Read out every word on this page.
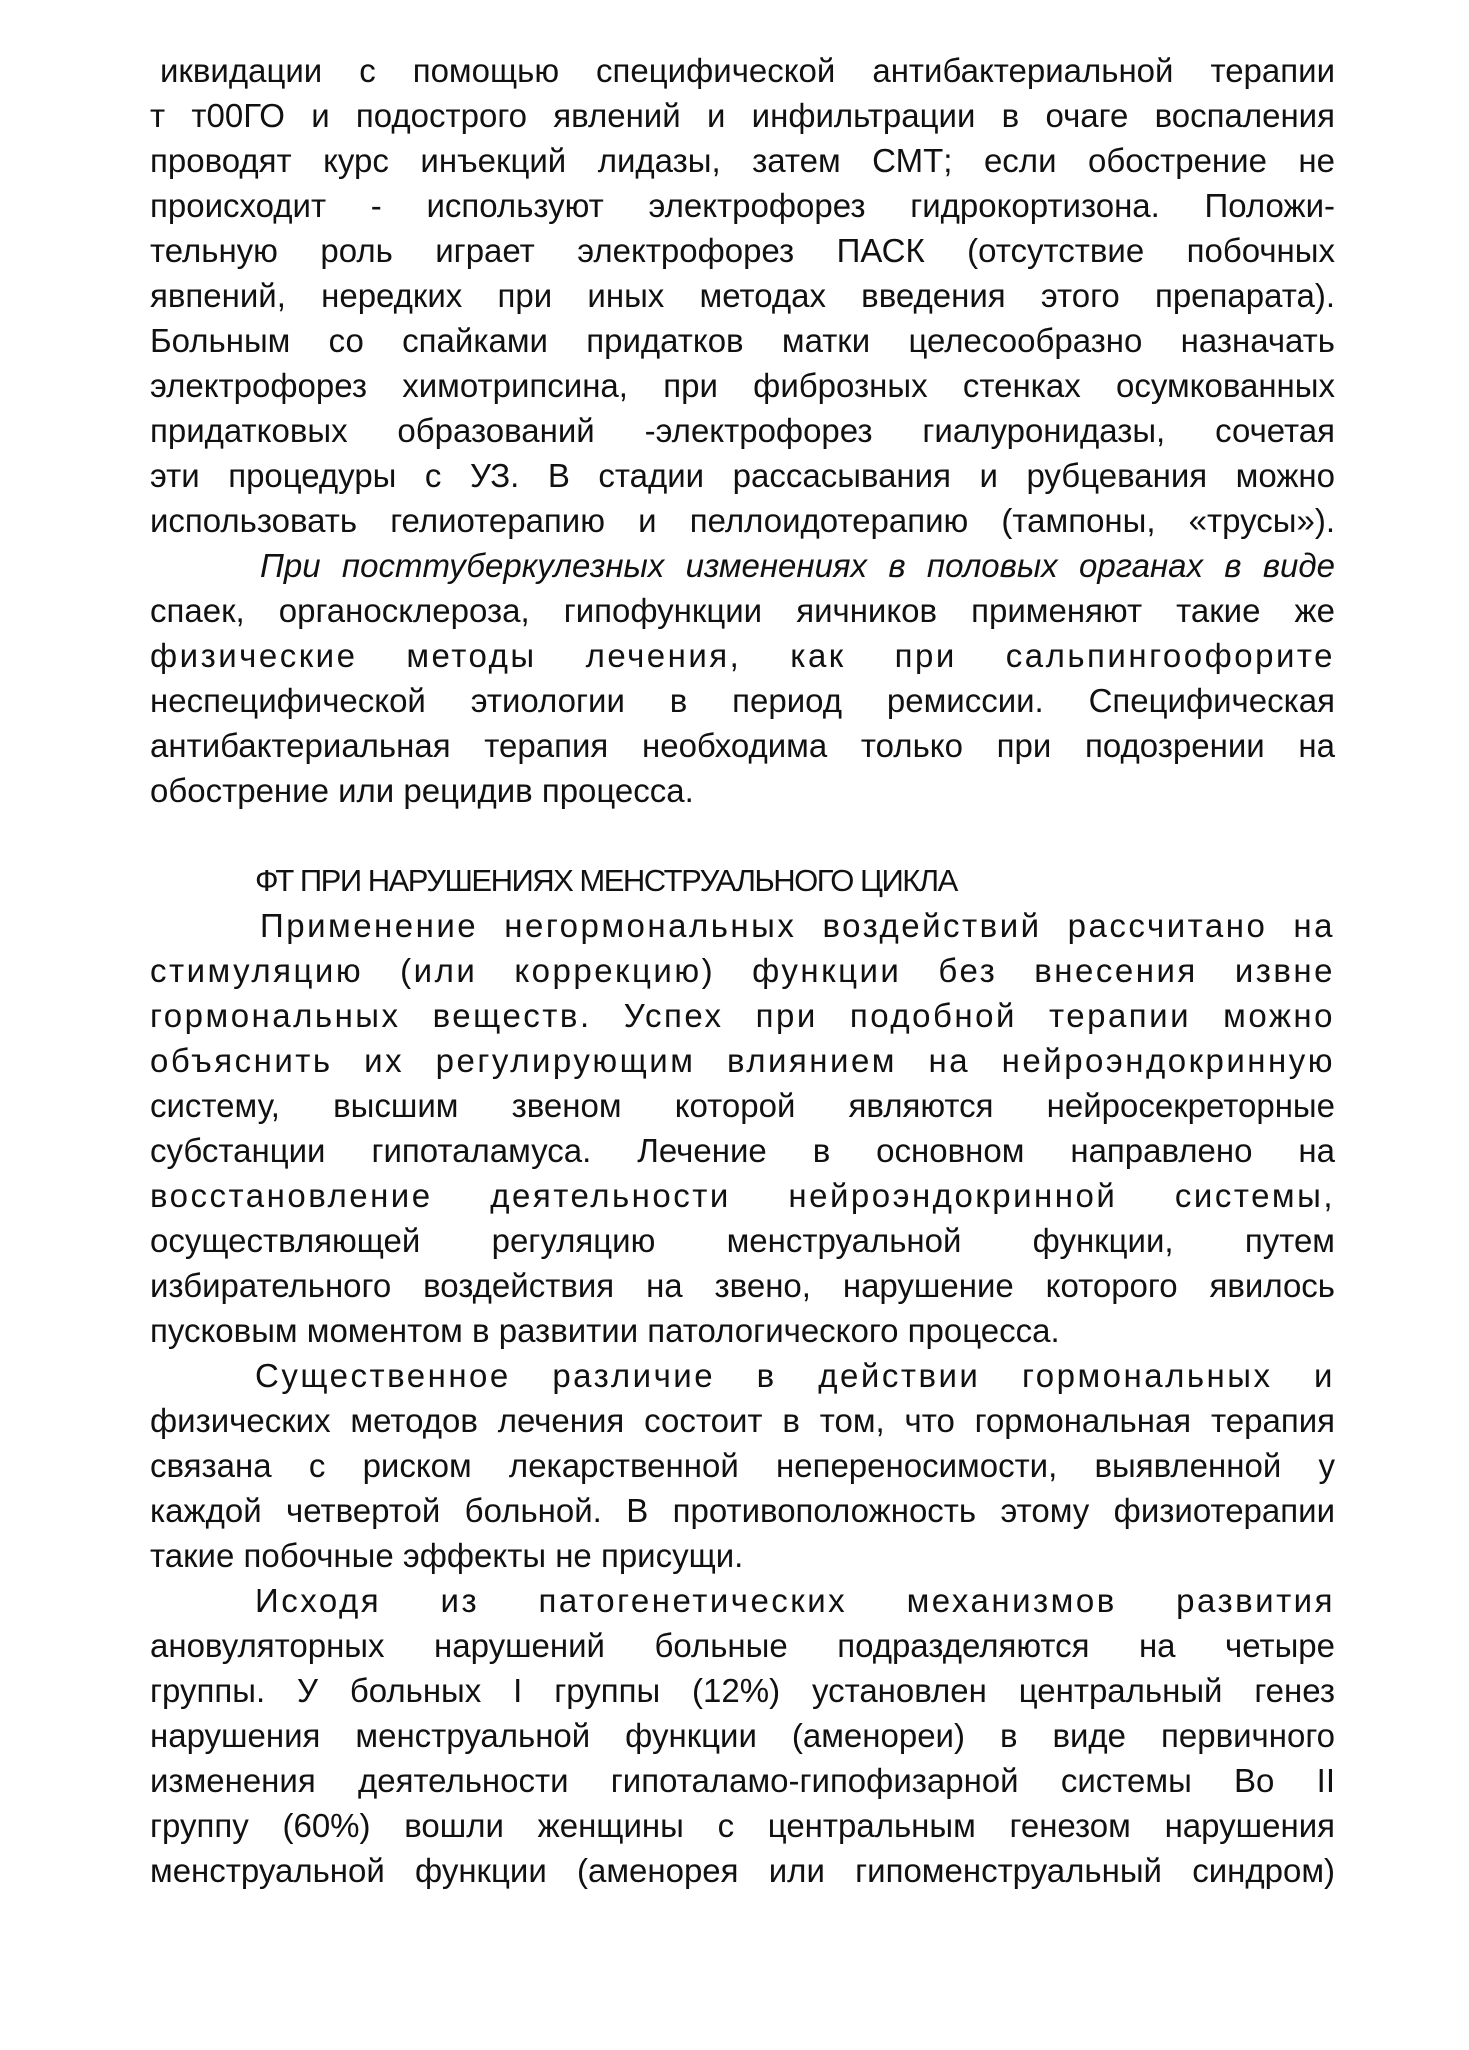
иквидации с помощью специфической антибактериальной терапии
т т00ГО и подострого явлений и инфильтрации в очаге воспаления
проводят курс инъекций лидазы, затем СМТ; если обострение не
происходит - используют электрофорез гидрокортизона. Положи-
тельную роль играет электрофорез ПАСК (отсутствие побочных
явпений, нередких при иных методах введения этого препарата).
Больным со спайками придатков матки целесообразно назначать
электрофорез химотрипсина, при фиброзных стенках осумкованных
придатковых образований -электрофорез гиалуронидазы, сочетая
эти процедуры с УЗ. В стадии рассасывания и рубцевания можно
использовать гелиотерапию и пеллоидотерапию (тампоны, «трусы»).
При посттуберкулезных изменениях в половых органах в виде
спаек, органосклероза, гипофункции яичников применяют такие же
физические методы лечения, как при сальпингоофорите
неспецифической этиологии в период ремиссии. Специфическая
антибактериальная терапия необходима только при подозрении на
обострение или рецидив процесса.
ФТ ПРИ НАРУШЕНИЯХ МЕНСТРУАЛЬНОГО ЦИКЛА
Применение негормональных воздействий рассчитано на
стимуляцию (или коррекцию) функции без внесения извне
гормональных веществ. Успех при подобной терапии можно
объяснить их регулирующим влиянием на нейроэндокринную
систему, высшим звеном которой являются нейросекреторные
субстанции гипоталамуса. Лечение в основном направлено на
восстановление деятельности нейроэндокринной системы,
осуществляющей регуляцию менструальной функции, путем
избирательного воздействия на звено, нарушение которого явилось
пусковым моментом в развитии патологического процесса.
Существенное различие в действии гормональных и
физических методов лечения состоит в том, что гормональная терапия
связана с риском лекарственной непереносимости, выявленной у
каждой четвертой больной. В противоположность этому физиотерапии
такие побочные эффекты не присущи.
Исходя из патогенетических механизмов развития
ановуляторных нарушений больные подразделяются на четыре
группы. У больных I группы (12%) установлен центральный генез
нарушения менструальной функции (аменореи) в виде первичного
изменения деятельности гипоталамо-гипофизарной системы Во II
группу (60%) вошли женщины с центральным генезом нарушения
менструальной функции (аменорея или гипоменструальный синдром)
